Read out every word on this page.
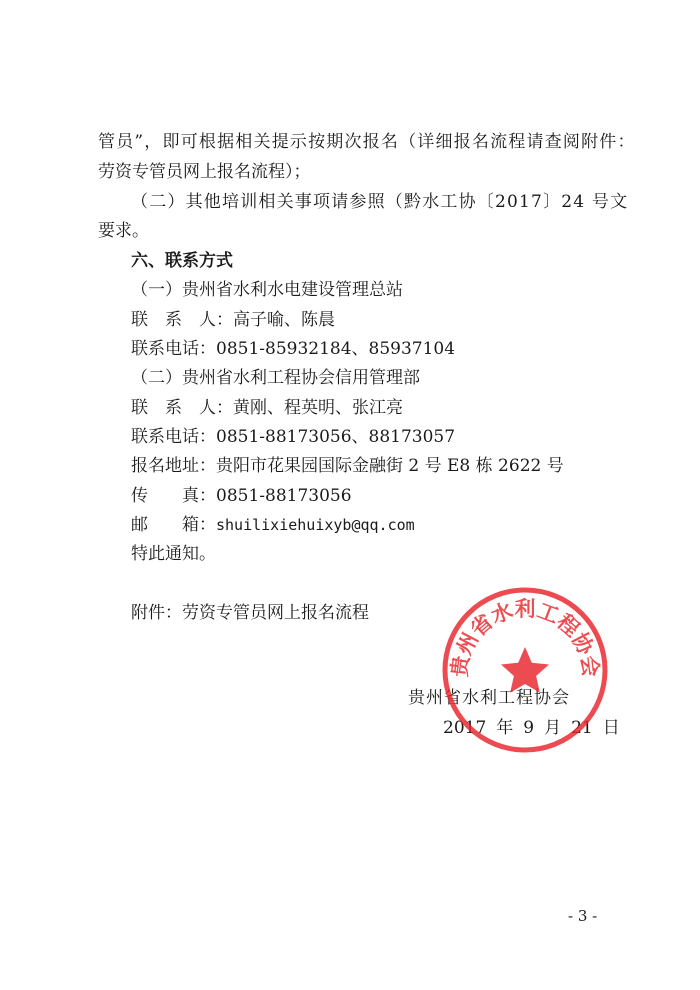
管员”，即可根据相关提示按期次报名（详细报名流程请查阅附件：
劳资专管员网上报名流程）；
（二）其他培训相关事项请参照（黔水工协〔2017〕24 号文
要求。
六、联系方式
（一）贵州省水利水电建设管理总站
联　系　人：高子喻、陈晨
联系电话：0851-85932184、85937104
（二）贵州省水利工程协会信用管理部
联　系　人：黄刚、程英明、张江亮
联系电话：0851-88173056、88173057
报名地址：贵阳市花果园国际金融街 2 号 E8 栋 2622 号
传　　真：0851-88173056
邮　　箱：shuilixiehuixyb@qq.com
特此通知。
附件：劳资专管员网上报名流程
贵州省水利工程协会
2017 年 9 月 21 日
贵州省水利工程协会
- 3 -
